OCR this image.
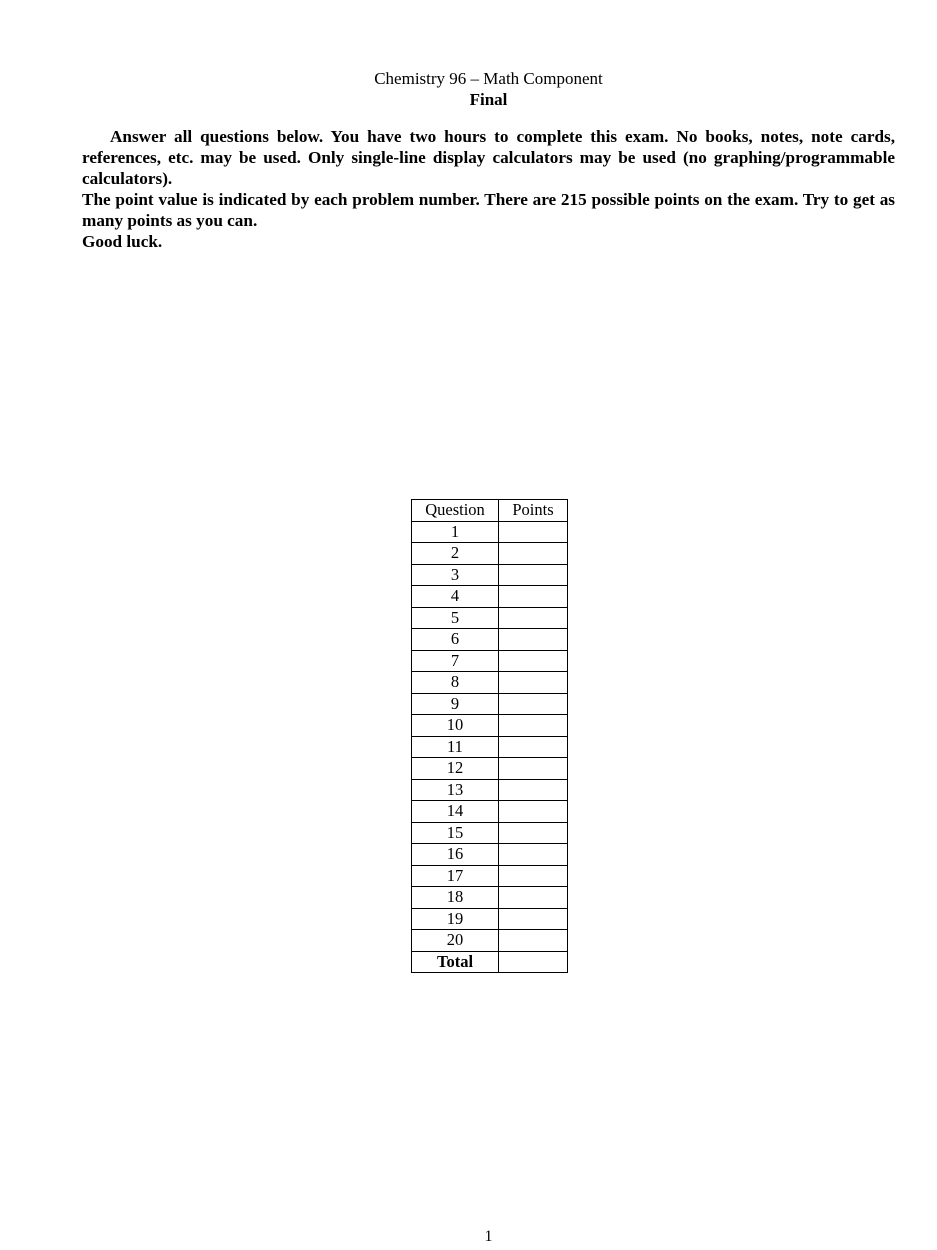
Chemistry 96 – Math Component
Final

Answer all questions below. You have two hours to complete this exam. No books, notes, note cards, references, etc. may be used. Only single-line display calculators may be used (no graphing/programmable calculators).

The point value is indicated by each problem number. There are 215 possible points on the exam. Try to get as many points as you can.

Good luck.

Question	Points
1	
2	
3	
4	
5	
6	
7	
8	
9	
10	
11	
12	
13	
14	
15	
16	
17	
18	
19	
20	
Total	
1
